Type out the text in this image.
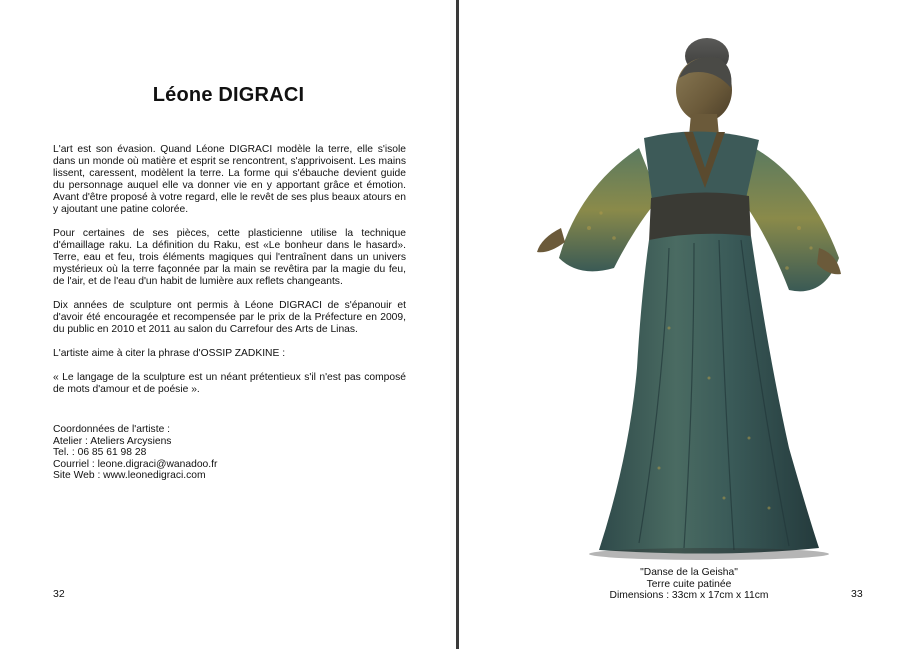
Léone DIGRACI

L'art est son évasion. Quand Léone DIGRACI modèle la terre, elle s'isole dans un monde où matière et esprit se rencontrent, s'apprivoisent. Les mains lissent, caressent, modèlent la terre. La forme qui s'ébauche devient guide du personnage auquel elle va donner vie en y apportant grâce et émotion. Avant d'être proposé à votre regard, elle le revêt de ses plus beaux atours en y ajoutant une patine colorée.

Pour certaines de ses pièces, cette plasticienne utilise la technique d'émaillage raku. La définition du Raku, est «Le bonheur dans le hasard». Terre, eau et feu, trois éléments magiques qui l'entraînent dans un univers mystérieux où la terre façonnée par la main se revêtira par la magie du feu, de l'air, et de l'eau d'un habit de lumière aux reflets changeants.

Dix années de sculpture ont permis à Léone DIGRACI de s'épanouir et d'avoir été encouragée et recompensée par le prix de la Préfecture en 2009, du public en 2010 et 2011 au salon du Carrefour des Arts de Linas.

L'artiste aime à citer la phrase d'OSSIP ZADKINE :

« Le langage de la sculpture est un néant prétentieux s'il n'est pas composé de mots d'amour et de poésie ».

Coordonnées de l'artiste :
Atelier : Ateliers Arcysiens
Tel. : 06 85 61 98 28
Courriel : leone.digraci@wanadoo.fr
Site Web : www.leonedigraci.com
32
"Danse de la Geisha"
Terre cuite patinée
Dimensions : 33cm x 17cm x 11cm	33
